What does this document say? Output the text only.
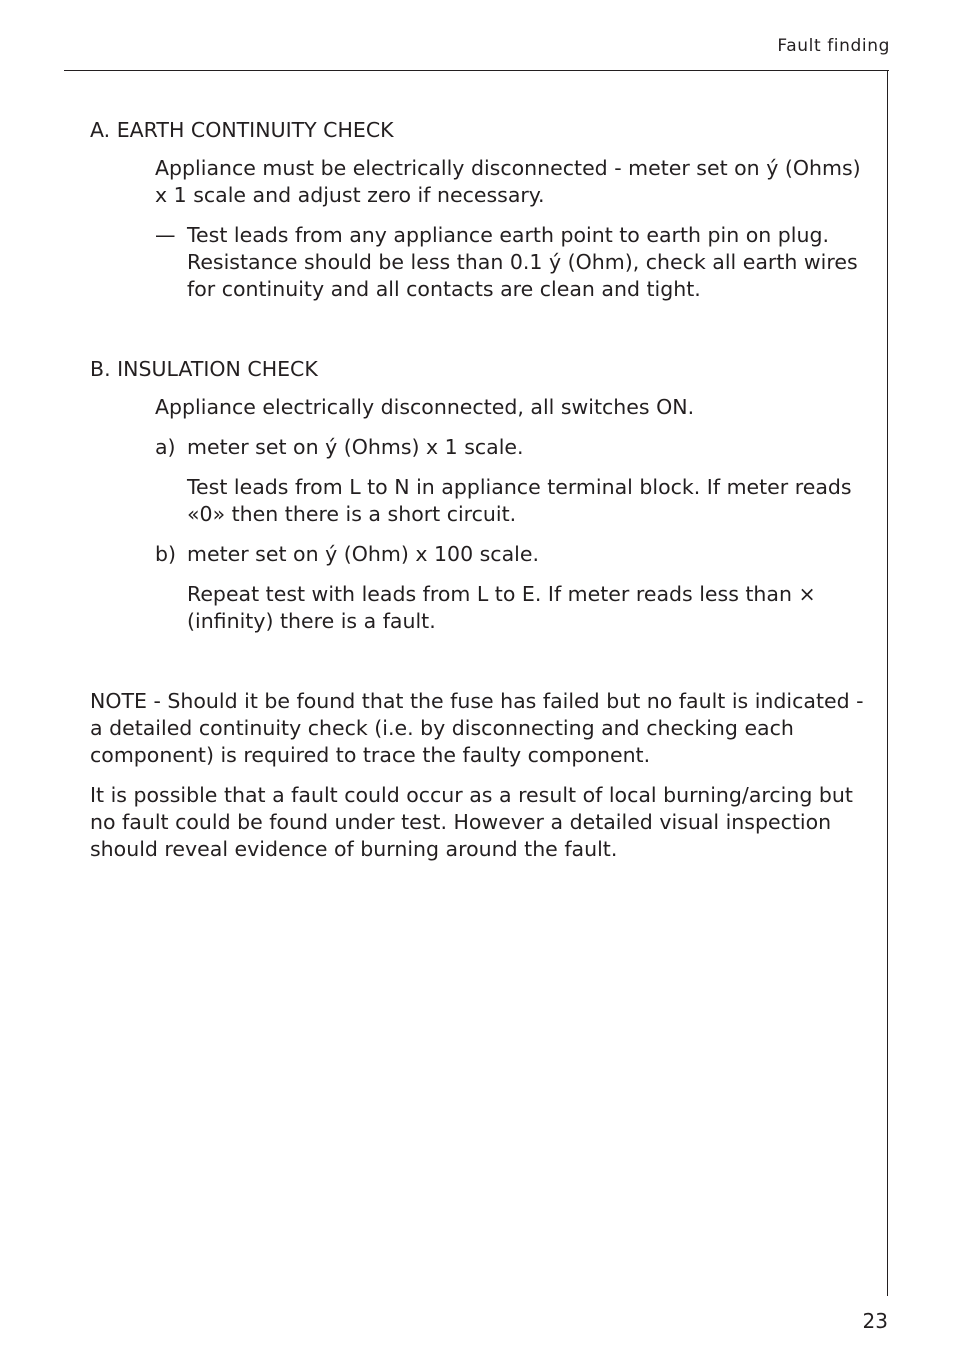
Fault finding
A. EARTH CONTINUITY CHECK

Appliance must be electrically disconnected - meter set on ý (Ohms) x 1 scale and adjust zero if necessary.

— Test leads from any appliance earth point to earth pin on plug. Resistance should be less than 0.1 ý (Ohm), check all earth wires for continuity and all contacts are clean and tight.
B. INSULATION CHECK

Appliance electrically disconnected, all switches ON.

a) meter set on ý (Ohms) x 1 scale.

Test leads from L to N in appliance terminal block. If meter reads «0» then there is a short circuit.

b) meter set on ý (Ohm) x 100 scale.

Repeat test with leads from L to E. If meter reads less than × (infinity) there is a fault.

NOTE - Should it be found that the fuse has failed but no fault is indicated - a detailed continuity check (i.e. by disconnecting and checking each component) is required to trace the faulty component.

It is possible that a fault could occur as a result of local burning/arcing but no fault could be found under test. However a detailed visual inspection should reveal evidence of burning around the fault.

23
